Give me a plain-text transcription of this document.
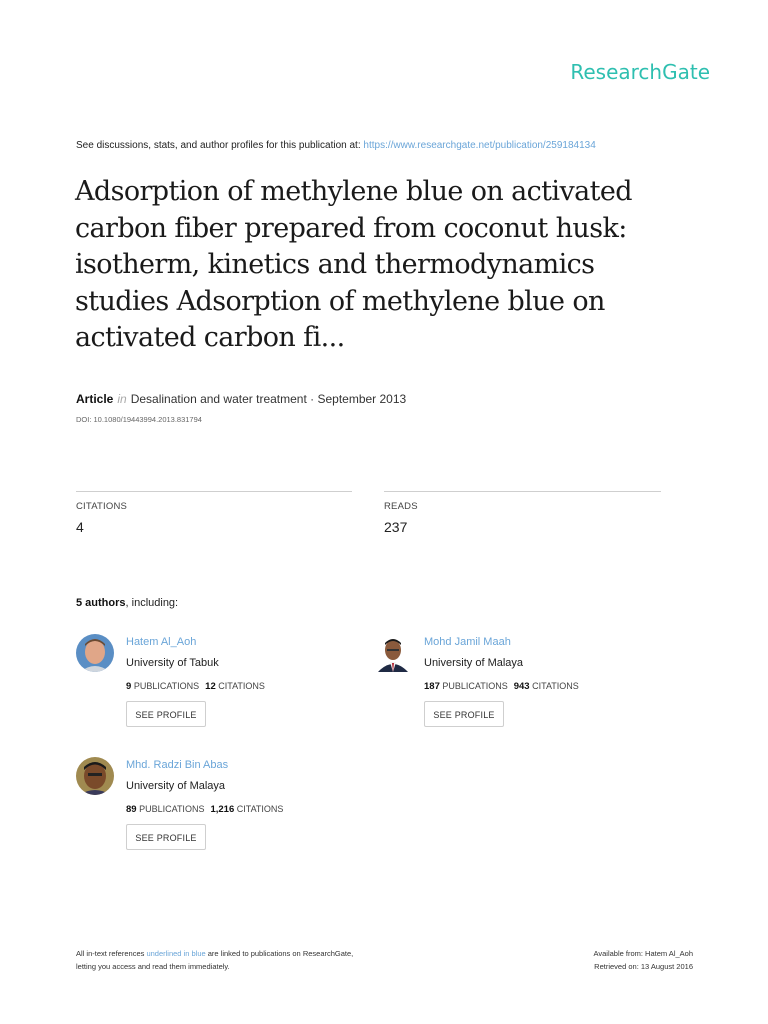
ResearchGate
See discussions, stats, and author profiles for this publication at: https://www.researchgate.net/publication/259184134
Adsorption of methylene blue on activated carbon fiber prepared from coconut husk: isotherm, kinetics and thermodynamics studies Adsorption of methylene blue on activated carbon fi...
Article in Desalination and water treatment · September 2013
DOI: 10.1080/19443994.2013.831794
CITATIONS
4
READS
237
5 authors, including:
Hatem Al_Aoh
University of Tabuk
9 PUBLICATIONS 12 CITATIONS
SEE PROFILE
Mohd Jamil Maah
University of Malaya
187 PUBLICATIONS 943 CITATIONS
SEE PROFILE
Mhd. Radzi Bin Abas
University of Malaya
89 PUBLICATIONS 1,216 CITATIONS
SEE PROFILE
All in-text references underlined in blue are linked to publications on ResearchGate,
letting you access and read them immediately.
Available from: Hatem Al_Aoh
Retrieved on: 13 August 2016
